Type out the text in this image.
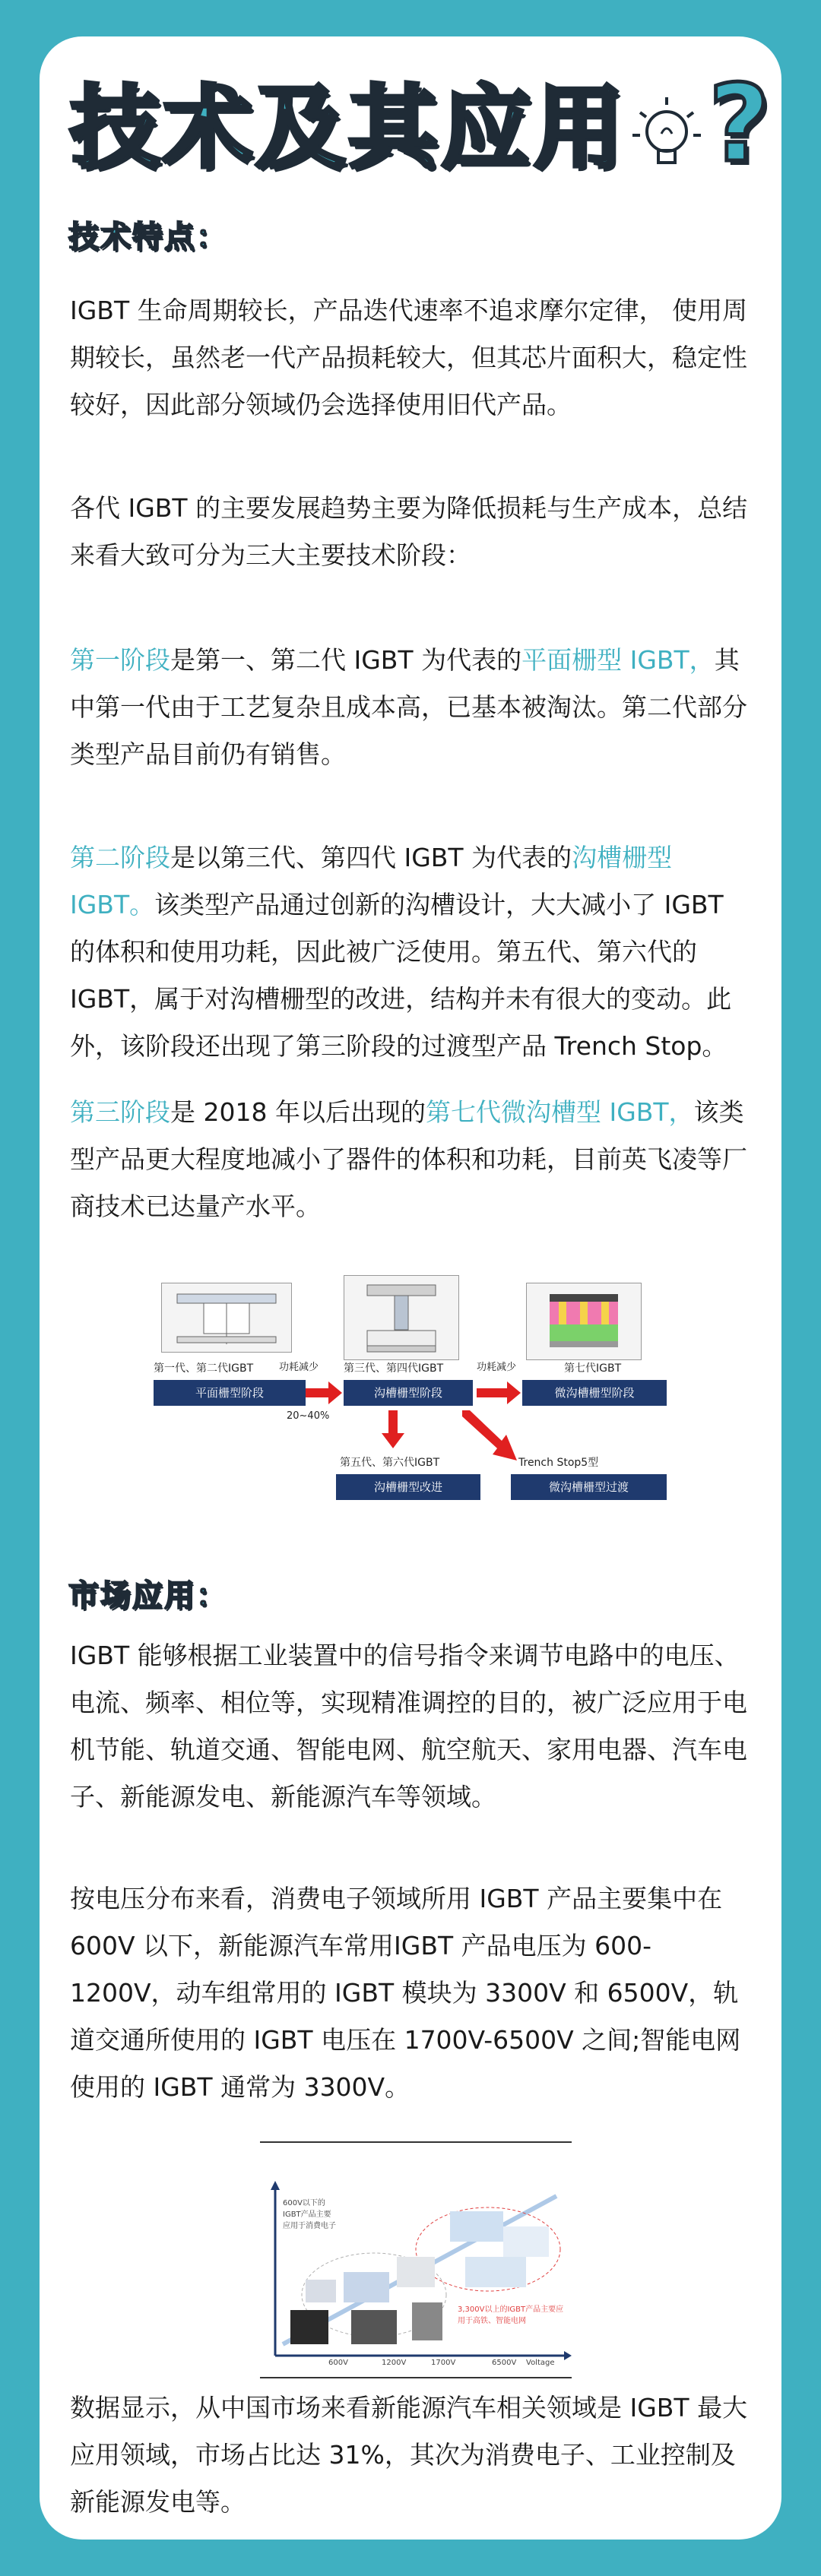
技术及其应用 ?
技术特点：

IGBT 生命周期较长，产品迭代速率不追求摩尔定律， 使用周期较长，虽然老一代产品损耗较大，但其芯片面积大，稳定性较好，因此部分领域仍会选择使用旧代产品。

各代 IGBT 的主要发展趋势主要为降低损耗与生产成本，总结来看大致可分为三大主要技术阶段：

第一阶段是第一、第二代 IGBT 为代表的平面栅型 IGBT，其中第一代由于工艺复杂且成本高，已基本被淘汰。第二代部分类型产品目前仍有销售。

第二阶段是以第三代、第四代 IGBT 为代表的沟槽栅型 IGBT。该类型产品通过创新的沟槽设计，大大减小了 IGBT 的体积和使用功耗，因此被广泛使用。第五代、第六代的 IGBT，属于对沟槽栅型的改进，结构并未有很大的变动。此外，该阶段还出现了第三阶段的过渡型产品 Trench Stop。

第三阶段是 2018 年以后出现的第七代微沟槽型 IGBT，该类型产品更大程度地减小了器件的体积和功耗，目前英飞凌等厂商技术已达量产水平。

第一代、第二代IGBT	第三代、第四代IGBT	第七代IGBT
平面栅型阶段	沟槽栅型阶段	微沟槽栅型阶段
功耗减少
20~40%
功耗减少
第五代、第六代IGBT	Trench Stop5型
沟槽栅型改进	微沟槽栅型过渡
市场应用：

IGBT 能够根据工业装置中的信号指令来调节电路中的电压、电流、频率、相位等，实现精准调控的目的，被广泛应用于电机节能、轨道交通、智能电网、航空航天、家用电器、汽车电子、新能源发电、新能源汽车等领域。

按电压分布来看，消费电子领域所用 IGBT 产品主要集中在 600V 以下，新能源汽车常用IGBT 产品电压为 600-1200V，动车组常用的 IGBT 模块为 3300V 和 6500V，轨道交通所使用的 IGBT 电压在 1700V-6500V 之间;智能电网使用的 IGBT 通常为 3300V。

600V以下的IGBT产品主要应用于消费电子
3,300V以上的IGBT产品主要应用于高铁、智能电网
600V	1200V	1700V	6500V Voltage

数据显示，从中国市场来看新能源汽车相关领域是 IGBT 最大应用领域，市场占比达 31%，其次为消费电子、工业控制及新能源发电等。
